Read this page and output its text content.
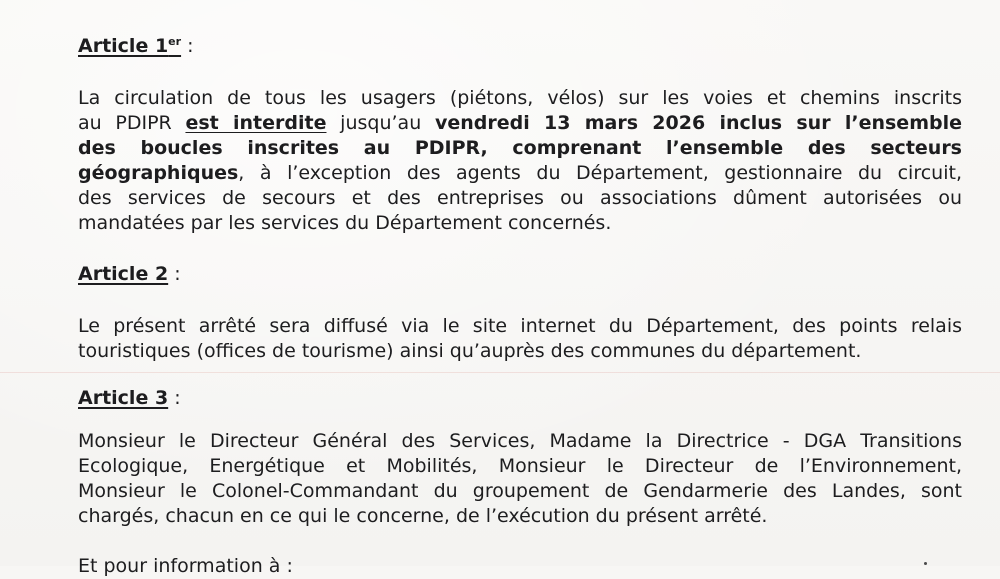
Article 1er :
La circulation de tous les usagers (piétons, vélos) sur les voies et chemins inscrits
au PDIPR est interdite jusqu’au vendredi 13 mars 2026 inclus sur l’ensemble
des boucles inscrites au PDIPR, comprenant l’ensemble des secteurs
géographiques, à l’exception des agents du Département, gestionnaire du circuit,
des services de secours et des entreprises ou associations dûment autorisées ou
mandatées par les services du Département concernés.
Article 2 :
Le présent arrêté sera diffusé via le site internet du Département, des points relais
touristiques (offices de tourisme) ainsi qu’auprès des communes du département.
Article 3 :
Monsieur le Directeur Général des Services, Madame la Directrice - DGA Transitions
Ecologique, Energétique et Mobilités, Monsieur le Directeur de l’Environnement,
Monsieur le Colonel-Commandant du groupement de Gendarmerie des Landes, sont
chargés, chacun en ce qui le concerne, de l’exécution du présent arrêté.
Et pour information à :
